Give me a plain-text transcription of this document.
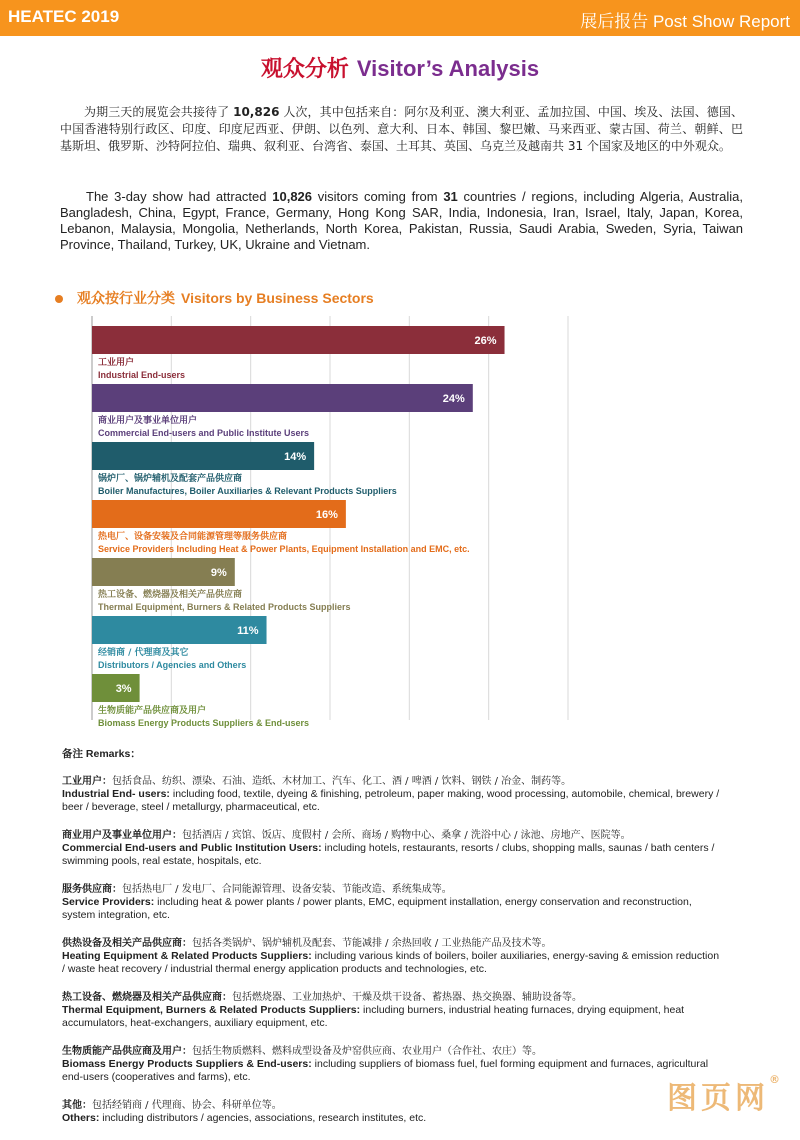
HEATEC 2019	展后报告 Post Show Report
观众分析 Visitor’s Analysis
为期三天的展览会共接待了 10,826 人次，其中包括来自：阿尔及利亚、澳大利亚、孟加拉国、中国、埃及、法国、德国、中国香港特别行政区、印度、印度尼西亚、伊朗、以色列、意大利、日本、韩国、黎巴嫩、马来西亚、蒙古国、荷兰、朝鲜、巴基斯坦、俄罗斯、沙特阿拉伯、瑞典、叙利亚、台湾省、泰国、土耳其、英国、乌克兰及越南共 31 个国家及地区的中外观众。
The 3-day show had attracted 10,826 visitors coming from 31 countries / regions, including Algeria, Australia, Bangladesh, China, Egypt, France, Germany, Hong Kong SAR, India, Indonesia, Iran, Israel, Italy, Japan, Korea, Lebanon, Malaysia, Mongolia, Netherlands, North Korea, Pakistan, Russia, Saudi Arabia, Sweden, Syria, Taiwan Province, Thailand, Turkey, UK, Ukraine and Vietnam.
观众按行业分类 Visitors by Business Sectors
26%
工业用户
Industrial End-users
24%
商业用户及事业单位用户
Commercial End-users and Public Institute Users
14%
锅炉厂、锅炉辅机及配套产品供应商
Boiler Manufactures, Boiler Auxiliaries & Relevant Products Suppliers
16%
热电厂、设备安装及合同能源管理等服务供应商
Service Providers Including Heat & Power Plants, Equipment Installation and EMC, etc.
9%
热工设备、燃烧器及相关产品供应商
Thermal Equipment, Burners & Related Products Suppliers
11%
经销商 / 代理商及其它
Distributors / Agencies and Others
3%
生物质能产品供应商及用户
Biomass Energy Products Suppliers & End-users
备注 Remarks：
工业用户：包括食品、纺织、漂染、石油、造纸、木材加工、汽车、化工、酒 / 啤酒 / 饮料、钢铁 / 冶金、制药等。
Industrial End- users: including food, textile, dyeing & finishing, petroleum, paper making, wood processing, automobile, chemical, brewery / beer / beverage, steel / metallurgy, pharmaceutical, etc.
商业用户及事业单位用户：包括酒店 / 宾馆、饭店、度假村 / 会所、商场 / 购物中心、桑拿 / 洗浴中心 / 泳池、房地产、医院等。
Commercial End-users and Public Institution Users: including hotels, restaurants, resorts / clubs, shopping malls, saunas / bath centers / swimming pools, real estate, hospitals, etc.
服务供应商：包括热电厂 / 发电厂、合同能源管理、设备安装、节能改造、系统集成等。
Service Providers: including heat & power plants / power plants, EMC, equipment installation, energy conservation and reconstruction, system integration, etc.
供热设备及相关产品供应商：包括各类锅炉、锅炉辅机及配套、节能减排 / 余热回收 / 工业热能产品及技术等。
Heating Equipment & Related Products Suppliers: including various kinds of boilers, boiler auxiliaries, energy-saving & emission reduction / waste heat recovery / industrial thermal energy application products and technologies, etc.
热工设备、燃烧器及相关产品供应商：包括燃烧器、工业加热炉、干燥及烘干设备、蓄热器、热交换器、辅助设备等。
Thermal Equipment, Burners & Related Products Suppliers: including burners, industrial heating furnaces, drying equipment, heat accumulators, heat-exchangers, auxiliary equipment, etc.
生物质能产品供应商及用户：包括生物质燃料、燃料成型设备及炉窑供应商、农业用户（合作社、农庄）等。
Biomass Energy Products Suppliers & End-users: including suppliers of biomass fuel, fuel forming equipment and furnaces, agricultural end-users (cooperatives and farms), etc.
其他：包括经销商 / 代理商、协会、科研单位等。
Others: including distributors / agencies, associations, research institutes, etc.
图页网®
